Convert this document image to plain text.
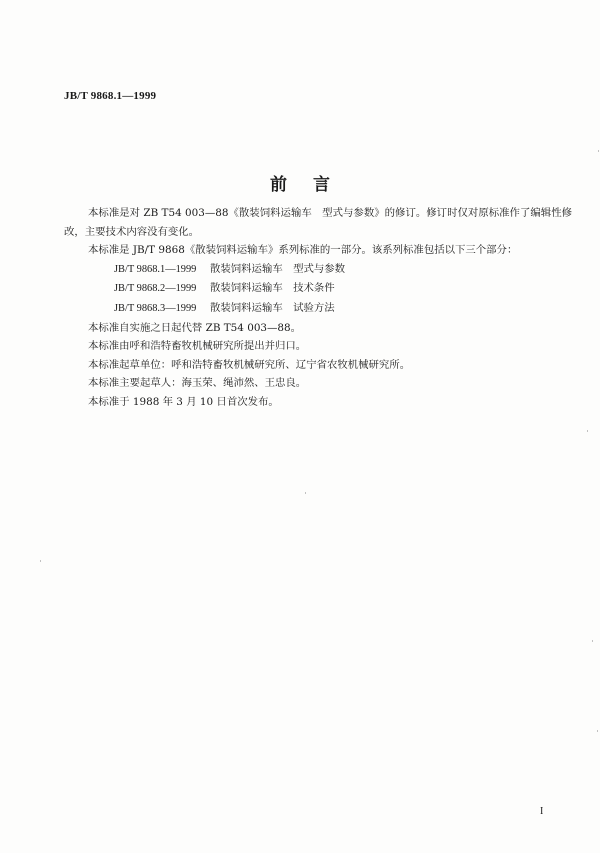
JB/T 9868.1—1999
前言

本标准是对 ZB T54 003—88《散装饲料运输车　型式与参数》的修订。修订时仅对原标准作了编辑性修改，主要技术内容没有变化。

本标准是 JB/T 9868《散装饲料运输车》系列标准的一部分。该系列标准包括以下三个部分：

JB/T 9868.1—1999 散装饲料运输车　型式与参数
JB/T 9868.2—1999 散装饲料运输车　技术条件
JB/T 9868.3—1999 散装饲料运输车　试验方法

本标准自实施之日起代替 ZB T54 003—88。

本标准由呼和浩特畜牧机械研究所提出并归口。

本标准起草单位：呼和浩特畜牧机械研究所、辽宁省农牧机械研究所。

本标准主要起草人：海玉荣、绳沛然、王忠良。

本标准于 1988 年 3 月 10 日首次发布。

I
